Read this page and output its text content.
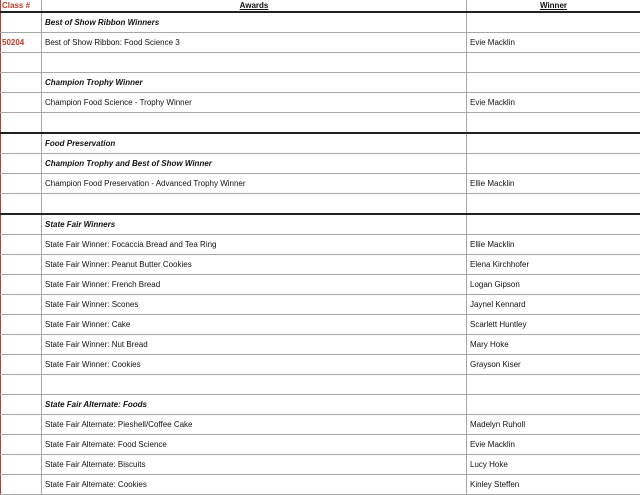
Class #	Awards	Winner
	Best of Show Ribbon Winners	
50204	Best of Show Ribbon: Food Science 3	Evie Macklin

	Champion Trophy Winner	
	Champion Food Science - Trophy Winner	Evie Macklin

	Food Preservation	
	Champion Trophy and Best of Show Winner	
	Champion Food Preservation - Advanced Trophy Winner	Ellie Macklin

	State Fair Winners	
	State Fair Winner: Focaccia Bread and Tea Ring	Ellie Macklin
	State Fair Winner: Peanut Butter Cookies	Elena Kirchhofer
	State Fair Winner: French Bread	Logan Gipson
	State Fair Winner: Scones	Jaynel Kennard
	State Fair Winner: Cake	Scarlett Huntley
	State Fair Winner: Nut Bread	Mary Hoke
	State Fair Winner: Cookies	Grayson Kiser

	State Fair Alternate: Foods	
	State Fair Alternate: Pieshell/Coffee Cake	Madelyn Ruholl
	State Fair Alternate: Food Science	Evie Macklin
	State Fair Alternate: Biscuits	Lucy Hoke
	State Fair Alternate: Cookies	Kinley Steffen
